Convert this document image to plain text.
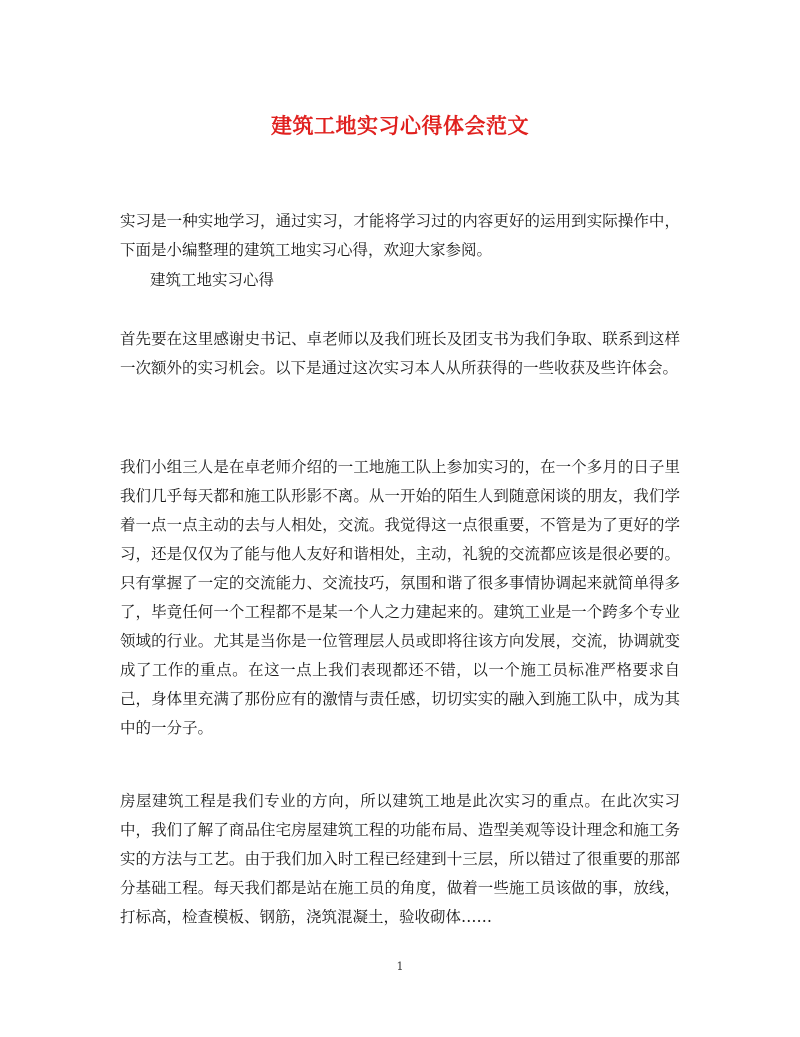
建筑工地实习心得体会范文

实习是一种实地学习，通过实习，才能将学习过的内容更好的运用到实际操作中，下面是小编整理的建筑工地实习心得，欢迎大家参阅。

建筑工地实习心得

首先要在这里感谢史书记、卓老师以及我们班长及团支书为我们争取、联系到这样一次额外的实习机会。以下是通过这次实习本人从所获得的一些收获及些许体会。

我们小组三人是在卓老师介绍的一工地施工队上参加实习的，在一个多月的日子里我们几乎每天都和施工队形影不离。从一开始的陌生人到随意闲谈的朋友，我们学着一点一点主动的去与人相处，交流。我觉得这一点很重要，不管是为了更好的学习，还是仅仅为了能与他人友好和谐相处，主动，礼貌的交流都应该是很必要的。只有掌握了一定的交流能力、交流技巧，氛围和谐了很多事情协调起来就简单得多了，毕竟任何一个工程都不是某一个人之力建起来的。建筑工业是一个跨多个专业领域的行业。尤其是当你是一位管理层人员或即将往该方向发展，交流，协调就变成了工作的重点。在这一点上我们表现都还不错，以一个施工员标准严格要求自己，身体里充满了那份应有的激情与责任感，切切实实的融入到施工队中，成为其中的一分子。

房屋建筑工程是我们专业的方向，所以建筑工地是此次实习的重点。在此次实习中，我们了解了商品住宅房屋建筑工程的功能布局、造型美观等设计理念和施工务实的方法与工艺。由于我们加入时工程已经建到十三层，所以错过了很重要的那部分基础工程。每天我们都是站在施工员的角度，做着一些施工员该做的事，放线，打标高，检查模板、钢筋，浇筑混凝土，验收砌体……

1
